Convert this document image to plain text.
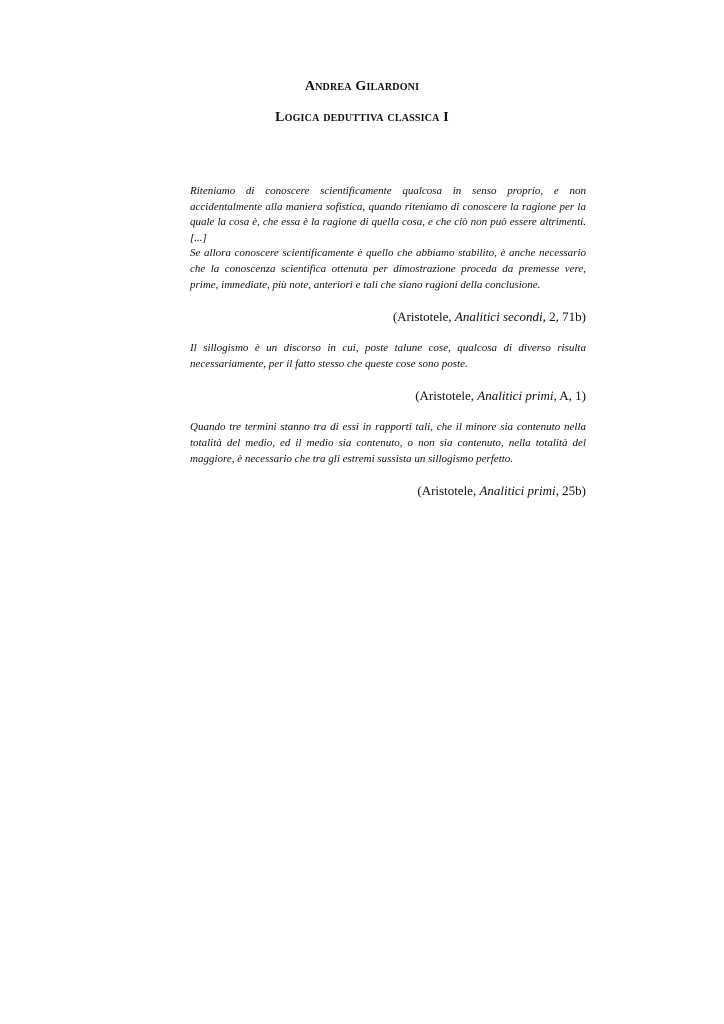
Andrea Gilardoni
Logica deduttiva classica I
Riteniamo di conoscere scientificamente qualcosa in senso proprio, e non accidentalmente alla maniera sofistica, quando riteniamo di conoscere la ragione per la quale la cosa è, che essa è la ragione di quella cosa, e che ciò non può essere altrimenti. [...]
Se allora conoscere scientificamente è quello che abbiamo stabilito, è anche necessario che la conoscenza scientifica ottenuta per dimostrazione proceda da premesse vere, prime, immediate, più note, anteriori e tali che siano ragioni della conclusione.
(Aristotele, Analitici secondi, 2, 71b)
Il sillogismo è un discorso in cui, poste talune cose, qualcosa di diverso risulta necessariamente, per il fatto stesso che queste cose sono poste.
(Aristotele, Analitici primi, A, 1)
Quando tre termini stanno tra di essi in rapporti tali, che il minore sia contenuto nella totalità del medio, ed il medio sia contenuto, o non sia contenuto, nella totalità del maggiore, è necessario che tra gli estremi sussista un sillogismo perfetto.
(Aristotele, Analitici primi, 25b)
